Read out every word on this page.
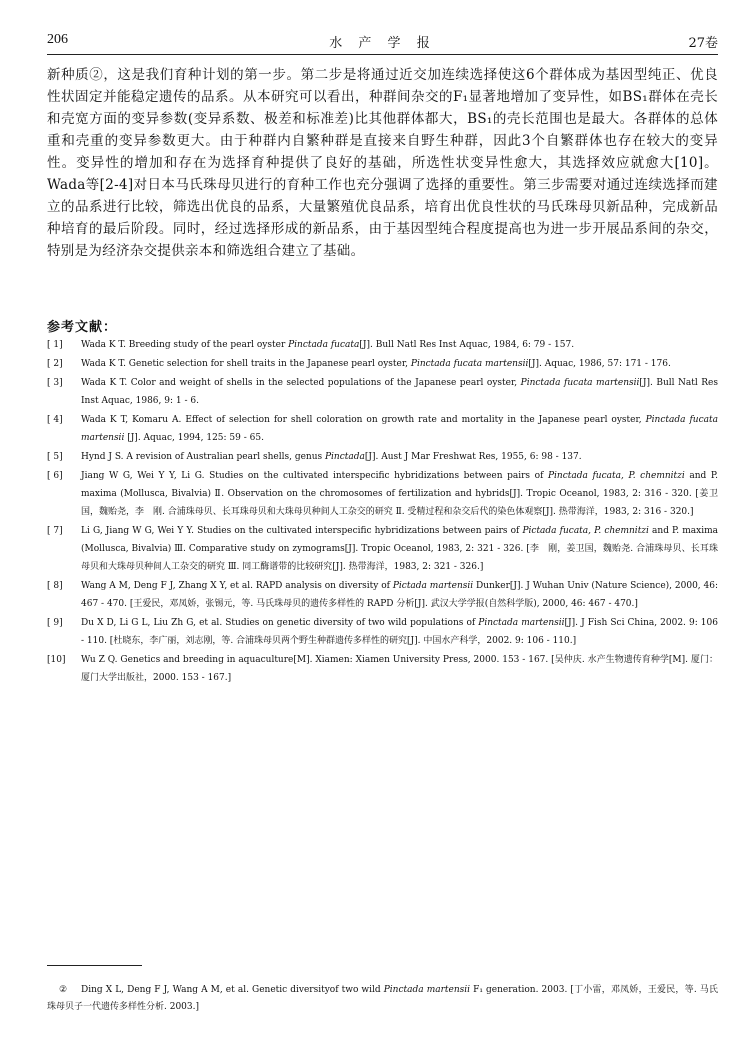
206	水 产 学 报	27卷

新种质②，这是我们育种计划的第一步。第二步是将通过近交加连续选择使这6个群体成为基因型纯正、优良性状固定并能稳定遗传的品系。从本研究可以看出，种群间杂交的F₁显著地增加了变异性，如BS₁群体在壳长和壳宽方面的变异参数(变异系数、极差和标准差)比其他群体都大，BS₁的壳长范围也是最大。各群体的总体重和壳重的变异参数更大。由于种群内自繁种群是直接来自野生种群，因此3个自繁群体也存在较大的变异性。变异性的增加和存在为选择育种提供了良好的基础，所选性状变异性愈大，其选择效应就愈大[10]。Wada等[2-4]对日本马氏珠母贝进行的育种工作也充分强调了选择的重要性。第三步需要对通过连续选择而建立的品系进行比较，筛选出优良的品系，大量繁殖优良品系，培育出优良性状的马氏珠母贝新品种，完成新品种培育的最后阶段。同时，经过选择形成的新品系，由于基因型纯合程度提高也为进一步开展品系间的杂交，特别是为经济杂交提供亲本和筛选组合建立了基础。

参考文献：
[ 1] Wada K T. Breeding study of the pearl oyster Pinctada fucata[J]. Bull Natl Res Inst Aquac, 1984, 6: 79 - 157.
[ 2] Wada K T. Genetic selection for shell traits in the Japanese pearl oyster, Pinctada fucata martensii[J]. Aquac, 1986, 57: 171 - 176.
[ 3] Wada K T. Color and weight of shells in the selected populations of the Japanese pearl oyster, Pinctada fucata martensii[J]. Bull Natl Res Inst Aquac, 1986, 9: 1 - 6.
[ 4] Wada K T, Komaru A. Effect of selection for shell coloration on growth rate and mortality in the Japanese pearl oyster, Pinctada fucata martensii [J]. Aquac, 1994, 125: 59 - 65.
[ 5] Hynd J S. A revision of Australian pearl shells, genus Pinctada[J]. Aust J Mar Freshwat Res, 1955, 6: 98 - 137.
[ 6] Jiang W G, Wei Y Y, Li G. Studies on the cultivated interspecific hybridizations between pairs of Pinctada fucata, P. chemnitzi and P. maxima (Mollusca, Bivalvia) Ⅱ. Observation on the chromosomes of fertilization and hybrids[J]. Tropic Oceanol, 1983, 2: 316 - 320. [姜卫国，魏贻尧，李　刚. 合浦珠母贝、长耳珠母贝和大珠母贝种间人工杂交的研究 Ⅱ. 受精过程和杂交后代的染色体观察[J]. 热带海洋，1983, 2: 316 - 320.]
[ 7] Li G, Jiang W G, Wei Y Y. Studies on the cultivated interspecific hybridizations between pairs of Pictada fucata, P. chemnitzi and P. maxima (Mollusca, Bivalvia) Ⅲ. Comparative study on zymograms[J]. Tropic Oceanol, 1983, 2: 321 - 326. [李　刚，姜卫国，魏贻尧. 合浦珠母贝、长耳珠母贝和大珠母贝种间人工杂交的研究 Ⅲ. 同工酶谱带的比较研究[J]. 热带海洋，1983, 2: 321 - 326.]
[ 8] Wang A M, Deng F J, Zhang X Y, et al. RAPD analysis on diversity of Pictada martensii Dunker[J]. J Wuhan Univ (Nature Science), 2000, 46: 467 - 470. [王爱民，邓凤娇，张锡元，等. 马氏珠母贝的遗传多样性的 RAPD 分析[J]. 武汉大学学报(自然科学版), 2000, 46: 467 - 470.]
[ 9] Du X D, Li G L, Liu Zh G, et al. Studies on genetic diversity of two wild populations of Pinctada martensii[J]. J Fish Sci China, 2002. 9: 106 - 110. [杜晓东，李广丽，刘志刚，等. 合浦珠母贝两个野生种群遗传多样性的研究[J]. 中国水产科学，2002. 9: 106 - 110.]
[10] Wu Z Q. Genetics and breeding in aquaculture[M]. Xiamen: Xiamen University Press, 2000. 153 - 167. [吴仲庆. 水产生物遗传育种学[M]. 厦门：厦门大学出版社，2000. 153 - 167.]
② Ding X L, Deng F J, Wang A M, et al. Genetic diversityof two wild Pinctada martensii F₁ generation. 2003. [丁小雷，邓凤娇，王爱民，等. 马氏珠母贝子一代遗传多样性分析. 2003.]
